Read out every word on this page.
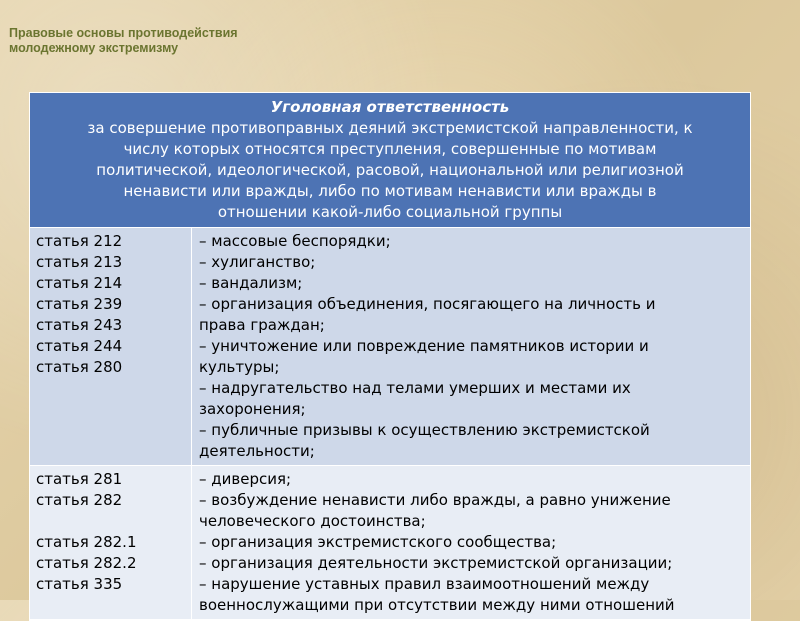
Правовые основы противодействия
молодежному экстремизму
Уголовная ответственность
за совершение противоправных деяний экстремистской направленности, к
числу которых относятся преступления, совершенные по мотивам
политической, идеологической, расовой, национальной или религиозной
ненависти или вражды, либо по мотивам ненависти или вражды в
отношении какой-либо социальной группы
статья 212
статья 213
статья 214
статья 239
статья 243
статья 244
статья 280
– массовые беспорядки;
– хулиганство;
– вандализм;
– организация объединения, посягающего на личность и
права граждан;
– уничтожение или повреждение памятников истории и
культуры;
– надругательство над телами умерших и местами их
захоронения;
– публичные призывы к осуществлению экстремистской
деятельности;
статья 281
статья 282
статья 282.1
статья 282.2
статья 335
– диверсия;
– возбуждение ненависти либо вражды, а равно унижение
человеческого достоинства;
– организация экстремистского сообщества;
– организация деятельности экстремистской организации;
– нарушение уставных правил взаимоотношений между
военнослужащими при отсутствии между ними отношений
